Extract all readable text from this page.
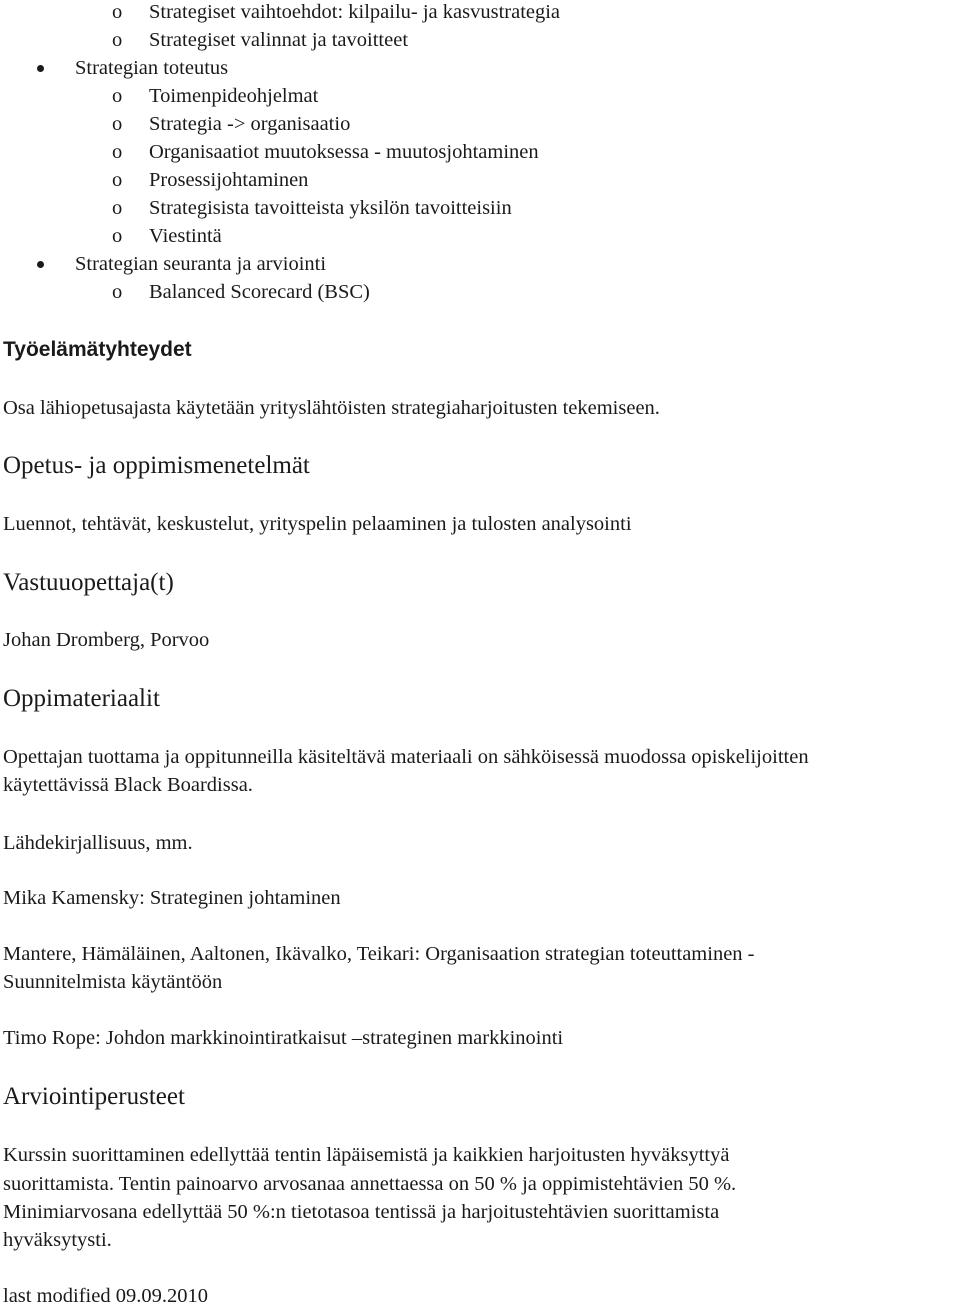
o Strategiset vaihtoehdot: kilpailu- ja kasvustrategia
o Strategiset valinnat ja tavoitteet
Strategian toteutus
o Toimenpideohjelmat
o Strategia -> organisaatio
o Organisaatiot muutoksessa - muutosjohtaminen
o Prosessijohtaminen
o Strategisista tavoitteista yksilön tavoitteisiin
o Viestintä
Strategian seuranta ja arviointi
o Balanced Scorecard (BSC)
Työelämätyhteydet
Osa lähiopetusajasta käytetään yrityslähtöisten strategiaharjoitusten tekemiseen.
Opetus- ja oppimismenetelmät
Luennot, tehtävät, keskustelut, yrityspelin pelaaminen ja tulosten analysointi
Vastuuopettaja(t)
Johan Dromberg, Porvoo
Oppimateriaalit
Opettajan tuottama ja oppitunneilla käsiteltävä materiaali on sähköisessä muodossa opiskelijoitten
käytettävissä Black Boardissa.
Lähdekirjallisuus, mm.
Mika Kamensky: Strateginen johtaminen
Mantere, Hämäläinen, Aaltonen, Ikävalko, Teikari: Organisaation strategian toteuttaminen -
Suunnitelmista käytäntöön
Timo Rope: Johdon markkinointiratkaisut –strateginen markkinointi
Arviointiperusteet
Kurssin suorittaminen edellyttää tentin läpäisemistä ja kaikkien harjoitusten hyväksyttyä
suorittamista. Tentin painoarvo arvosanaa annettaessa on 50 % ja oppimistehtävien 50 %.
Minimiarvosana edellyttää 50 %:n tietotasoa tentissä ja harjoitustehtävien suorittamista
hyväksytysti.
last modified 09.09.2010
